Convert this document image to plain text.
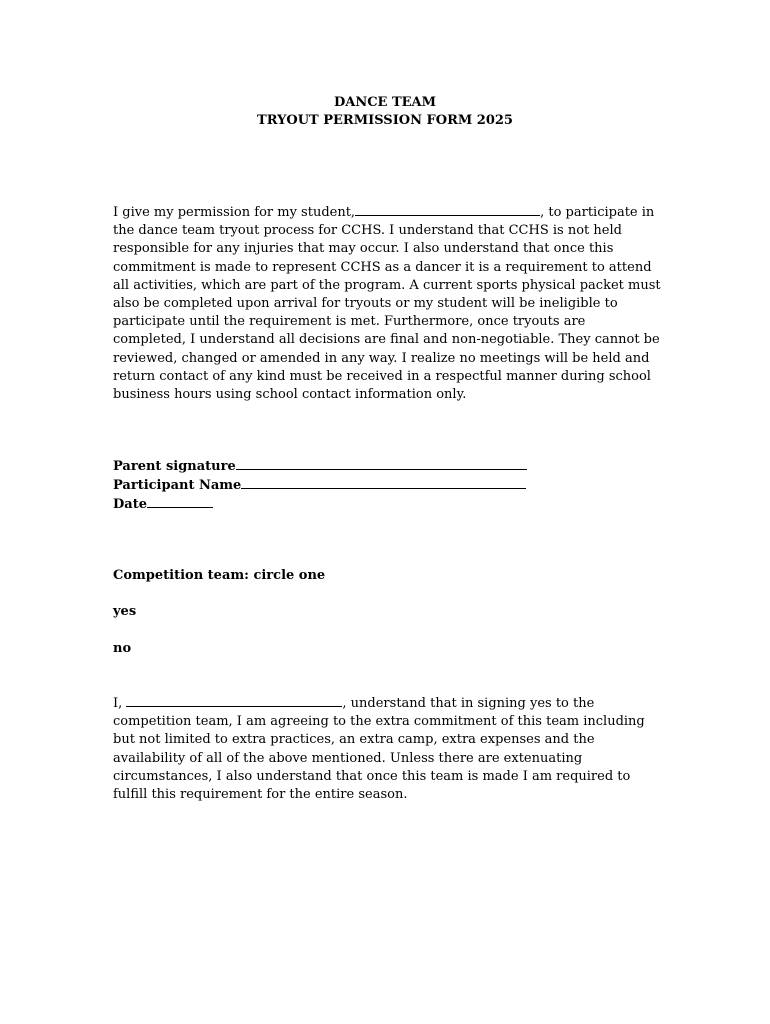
DANCE TEAM
TRYOUT PERMISSION FORM 2025

I give my permission for my student,	, to participate in the dance team tryout process for CCHS. I understand that CCHS is not held responsible for any injuries that may occur. I also understand that once this commitment is made to represent CCHS as a dancer it is a requirement to attend all activities, which are part of the program. A current sports physical packet must also be completed upon arrival for tryouts or my student will be ineligible to participate until the requirement is met. Furthermore, once tryouts are completed, I understand all decisions are final and non-negotiable. They cannot be reviewed, changed or amended in any way. I realize no meetings will be held and return contact of any kind must be received in a respectful manner during school business hours using school contact information only.

Parent signature
Participant Name
Date
Competition team: circle one
yes
no

I,	, understand that in signing yes to the competition team, I am agreeing to the extra commitment of this team including but not limited to extra practices, an extra camp, extra expenses and the availability of all of the above mentioned. Unless there are extenuating circumstances, I also understand that once this team is made I am required to fulfill this requirement for the entire season.
